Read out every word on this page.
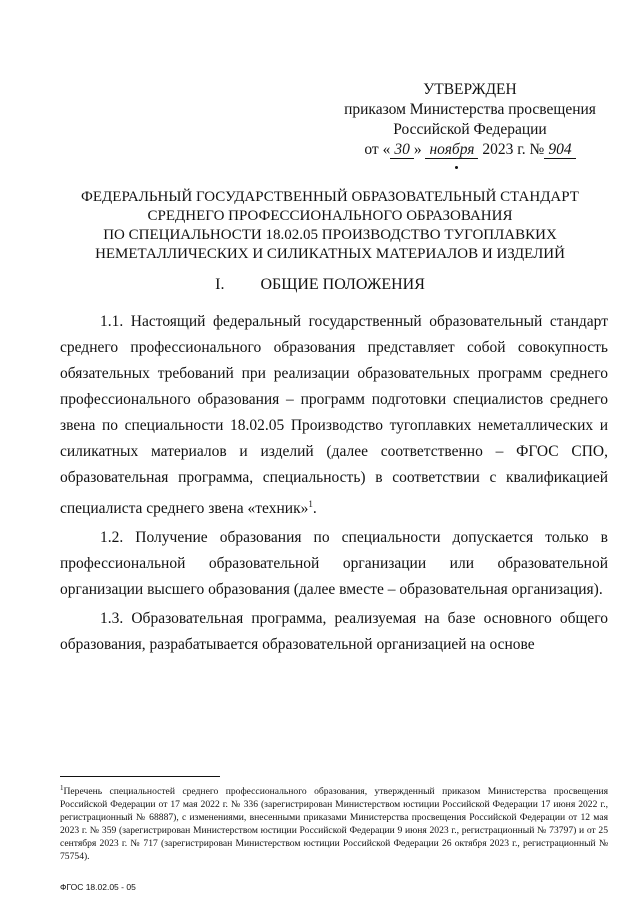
УТВЕРЖДЕН
приказом Министерства просвещения
Российской Федерации
от « 30 » ноября 2023 г. № 904
ФЕДЕРАЛЬНЫЙ ГОСУДАРСТВЕННЫЙ ОБРАЗОВАТЕЛЬНЫЙ СТАНДАРТ
СРЕДНЕГО ПРОФЕССИОНАЛЬНОГО ОБРАЗОВАНИЯ
ПО СПЕЦИАЛЬНОСТИ 18.02.05 ПРОИЗВОДСТВО ТУГОПЛАВКИХ
НЕМЕТАЛЛИЧЕСКИХ И СИЛИКАТНЫХ МАТЕРИАЛОВ И ИЗДЕЛИЙ
I. ОБЩИЕ ПОЛОЖЕНИЯ

1.1. Настоящий федеральный государственный образовательный стандарт среднего профессионального образования представляет собой совокупность обязательных требований при реализации образовательных программ среднего профессионального образования – программ подготовки специалистов среднего звена по специальности 18.02.05 Производство тугоплавких неметаллических и силикатных материалов и изделий (далее соответственно – ФГОС СПО, образовательная программа, специальность) в соответствии с квалификацией специалиста среднего звена «техник»$^1$.

1.2. Получение образования по специальности допускается только в профессиональной образовательной организации или образовательной организации высшего образования (далее вместе – образовательная организация).

1.3. Образовательная программа, реализуемая на базе основного общего образования, разрабатывается образовательной организацией на основе

$^1$Перечень специальностей среднего профессионального образования, утвержденный приказом Министерства просвещения Российской Федерации от 17 мая 2022 г. № 336 (зарегистрирован Министерством юстиции Российской Федерации 17 июня 2022 г., регистрационный № 68887), с изменениями, внесенными приказами Министерства просвещения Российской Федерации от 12 мая 2023 г. № 359 (зарегистрирован Министерством юстиции Российской Федерации 9 июня 2023 г., регистрационный № 73797) и от 25 сентября 2023 г. № 717 (зарегистрирован Министерством юстиции Российской Федерации 26 октября 2023 г., регистрационный № 75754).
ФГОС 18.02.05 - 05
